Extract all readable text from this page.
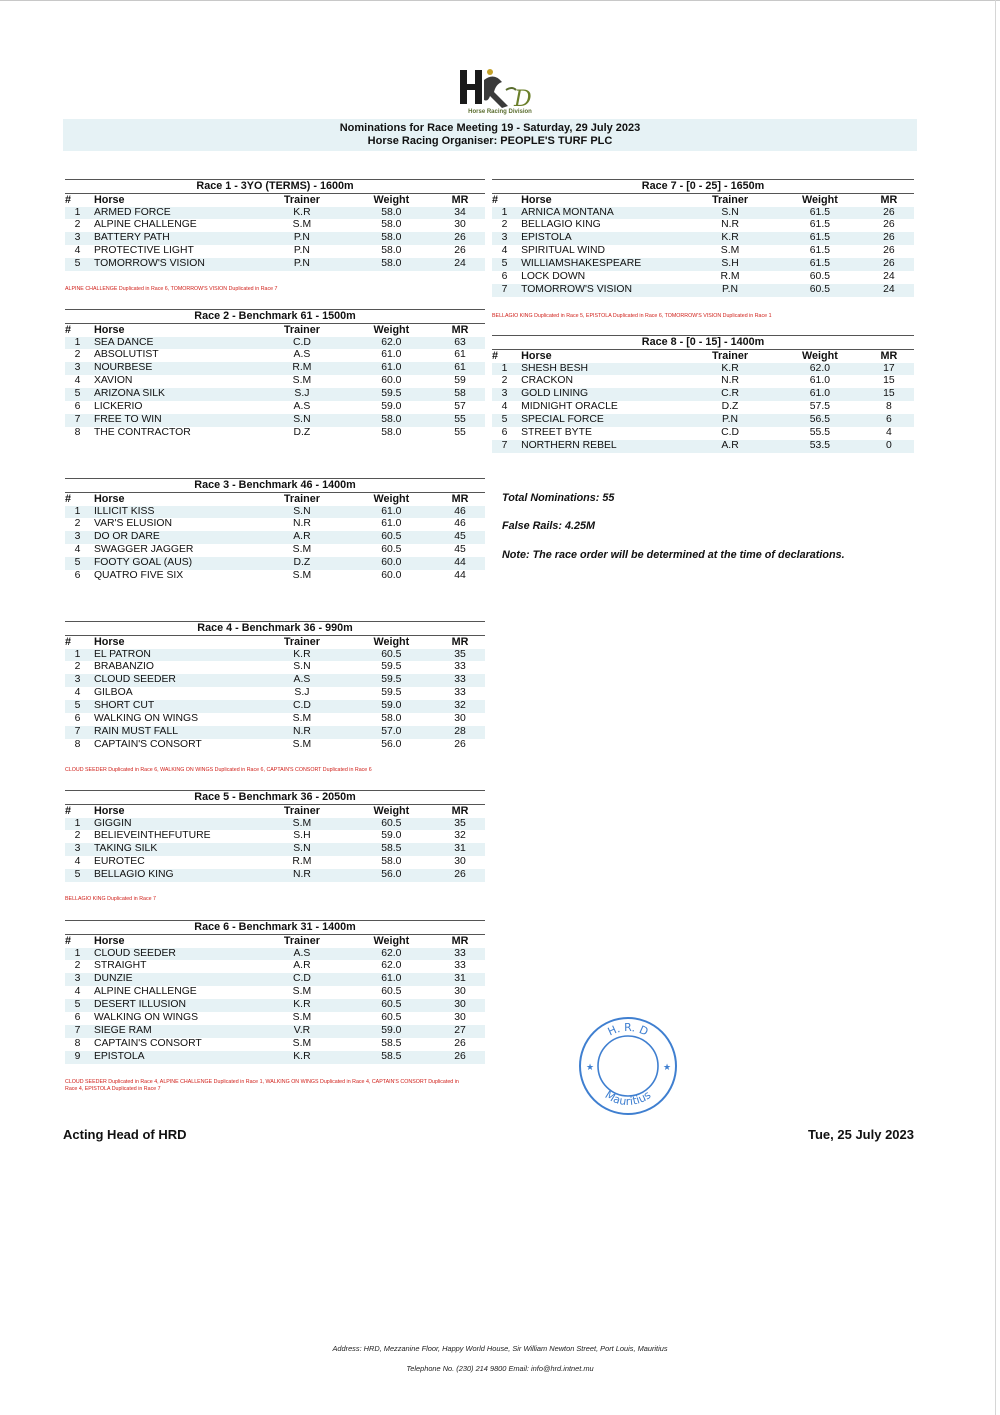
D
Horse Racing Division
Nominations for Race Meeting 19 - Saturday, 29 July 2023
Horse Racing Organiser: PEOPLE'S TURF PLC
Race 1 - 3YO (TERMS) - 1600m
#	Horse	Trainer	Weight	MR
1	ARMED FORCE	K.R	58.0	34
2	ALPINE CHALLENGE	S.M	58.0	30
3	BATTERY PATH	P.N	58.0	26
4	PROTECTIVE LIGHT	P.N	58.0	26
5	TOMORROW'S VISION	P.N	58.0	24
ALPINE CHALLENGE Duplicated in Race 6, TOMORROW'S VISION Duplicated in Race 7
Race 2 - Benchmark 61 - 1500m
#	Horse	Trainer	Weight	MR
1	SEA DANCE	C.D	62.0	63
2	ABSOLUTIST	A.S	61.0	61
3	NOURBESE	R.M	61.0	61
4	XAVION	S.M	60.0	59
5	ARIZONA SILK	S.J	59.5	58
6	LICKERIO	A.S	59.0	57
7	FREE TO WIN	S.N	58.0	55
8	THE CONTRACTOR	D.Z	58.0	55
Race 3 - Benchmark 46 - 1400m
#	Horse	Trainer	Weight	MR
1	ILLICIT KISS	S.N	61.0	46
2	VAR'S ELUSION	N.R	61.0	46
3	DO OR DARE	A.R	60.5	45
4	SWAGGER JAGGER	S.M	60.5	45
5	FOOTY GOAL (AUS)	D.Z	60.0	44
6	QUATRO FIVE SIX	S.M	60.0	44
Race 4 - Benchmark 36 - 990m
#	Horse	Trainer	Weight	MR
1	EL PATRON	K.R	60.5	35
2	BRABANZIO	S.N	59.5	33
3	CLOUD SEEDER	A.S	59.5	33
4	GILBOA	S.J	59.5	33
5	SHORT CUT	C.D	59.0	32
6	WALKING ON WINGS	S.M	58.0	30
7	RAIN MUST FALL	N.R	57.0	28
8	CAPTAIN'S CONSORT	S.M	56.0	26
CLOUD SEEDER Duplicated in Race 6, WALKING ON WINGS Duplicated in Race 6, CAPTAIN'S CONSORT Duplicated in Race 6
Race 5 - Benchmark 36 - 2050m
#	Horse	Trainer	Weight	MR
1	GIGGIN	S.M	60.5	35
2	BELIEVEINTHEFUTURE	S.H	59.0	32
3	TAKING SILK	S.N	58.5	31
4	EUROTEC	R.M	58.0	30
5	BELLAGIO KING	N.R	56.0	26
BELLAGIO KING Duplicated in Race 7
Race 6 - Benchmark 31 - 1400m
#	Horse	Trainer	Weight	MR
1	CLOUD SEEDER	A.S	62.0	33
2	STRAIGHT	A.R	62.0	33
3	DUNZIE	C.D	61.0	31
4	ALPINE CHALLENGE	S.M	60.5	30
5	DESERT ILLUSION	K.R	60.5	30
6	WALKING ON WINGS	S.M	60.5	30
7	SIEGE RAM	V.R	59.0	27
8	CAPTAIN'S CONSORT	S.M	58.5	26
9	EPISTOLA	K.R	58.5	26
CLOUD SEEDER Duplicated in Race 4, ALPINE CHALLENGE Duplicated in Race 1, WALKING ON WINGS Duplicated in Race 4, CAPTAIN'S CONSORT Duplicated in Race 4, EPISTOLA Duplicated in Race 7
Race 7 - [0 - 25] - 1650m
#	Horse	Trainer	Weight	MR
1	ARNICA MONTANA	S.N	61.5	26
2	BELLAGIO KING	N.R	61.5	26
3	EPISTOLA	K.R	61.5	26
4	SPIRITUAL WIND	S.M	61.5	26
5	WILLIAMSHAKESPEARE	S.H	61.5	26
6	LOCK DOWN	R.M	60.5	24
7	TOMORROW'S VISION	P.N	60.5	24
BELLAGIO KING Duplicated in Race 5, EPISTOLA Duplicated in Race 6, TOMORROW'S VISION Duplicated in Race 1
Race 8 - [0 - 15] - 1400m
#	Horse	Trainer	Weight	MR
1	SHESH BESH	K.R	62.0	17
2	CRACKON	N.R	61.0	15
3	GOLD LINING	C.R	61.0	15
4	MIDNIGHT ORACLE	D.Z	57.5	8
5	SPECIAL FORCE	P.N	56.5	6
6	STREET BYTE	C.D	55.5	4
7	NORTHERN REBEL	A.R	53.5	0
Total Nominations: 55
False Rails: 4.25M
Note: The race order will be determined at the time of declarations.
H. R. D
Mauritius
★	★
Acting Head of HRD	Tue, 25 July 2023
Address: HRD, Mezzanine Floor, Happy World House, Sir William Newton Street, Port Louis, Mauritius
Telephone No. (230) 214 9800 Email: info@hrd.intnet.mu
